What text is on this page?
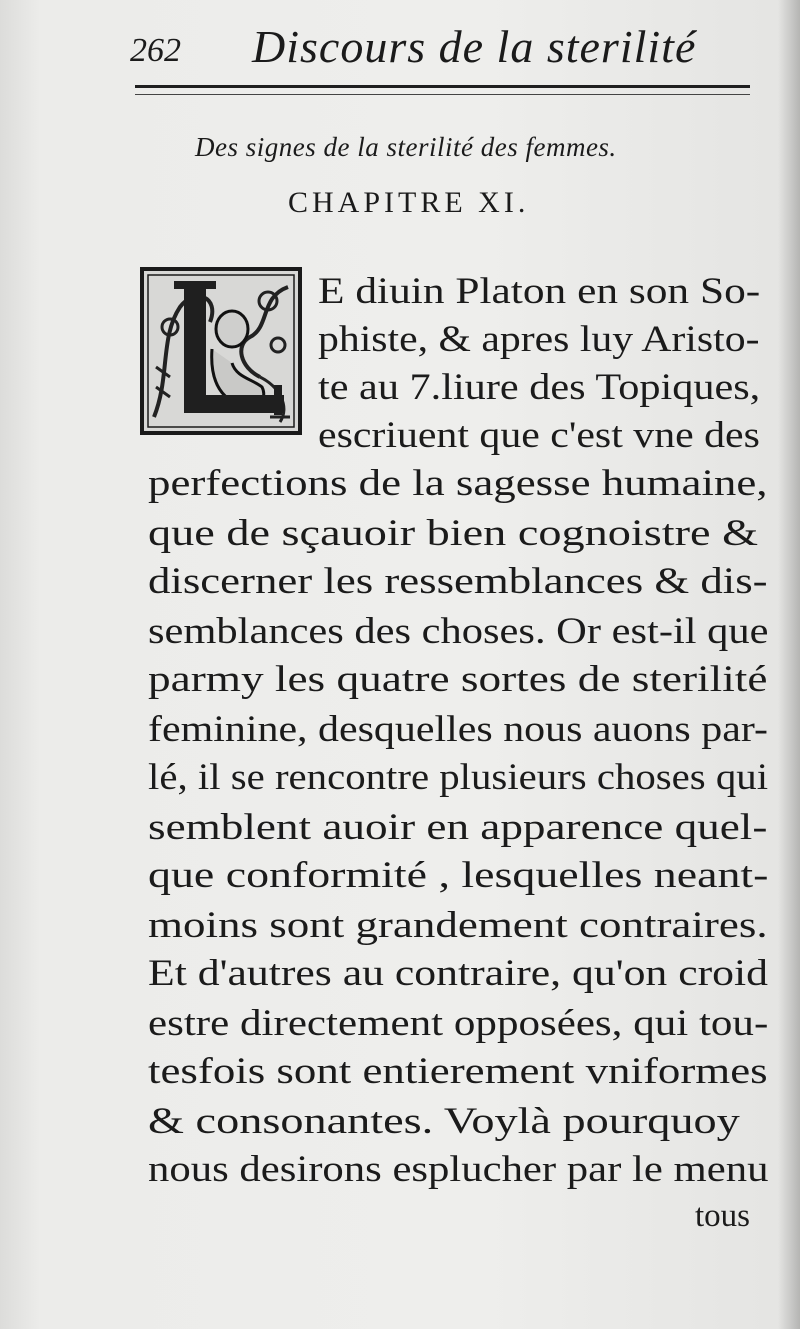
262 Discours de la sterilité
Des signes de la sterilité des femmes.
CHAPITRE XI.
E diuin Platon en son So-
phiste, & apres luy Aristo-
te au 7.liure des Topiques,
escriuent que c'est vne des
perfections de la sagesse humaine,
que de sçauoir bien cognoistre &
discerner les ressemblances & dis-
semblances des choses. Or est-il que
parmy les quatre sortes de sterilité
feminine, desquelles nous auons par-
lé, il se rencontre plusieurs choses qui
semblent auoir en apparence quel-
que conformité , lesquelles neant-
moins sont grandement contraires.
Et d'autres au contraire, qu'on croid
estre directement opposées, qui tou-
tesfois sont entierement vniformes
& consonantes. Voylà pourquoy
nous desirons esplucher par le menu
tous
